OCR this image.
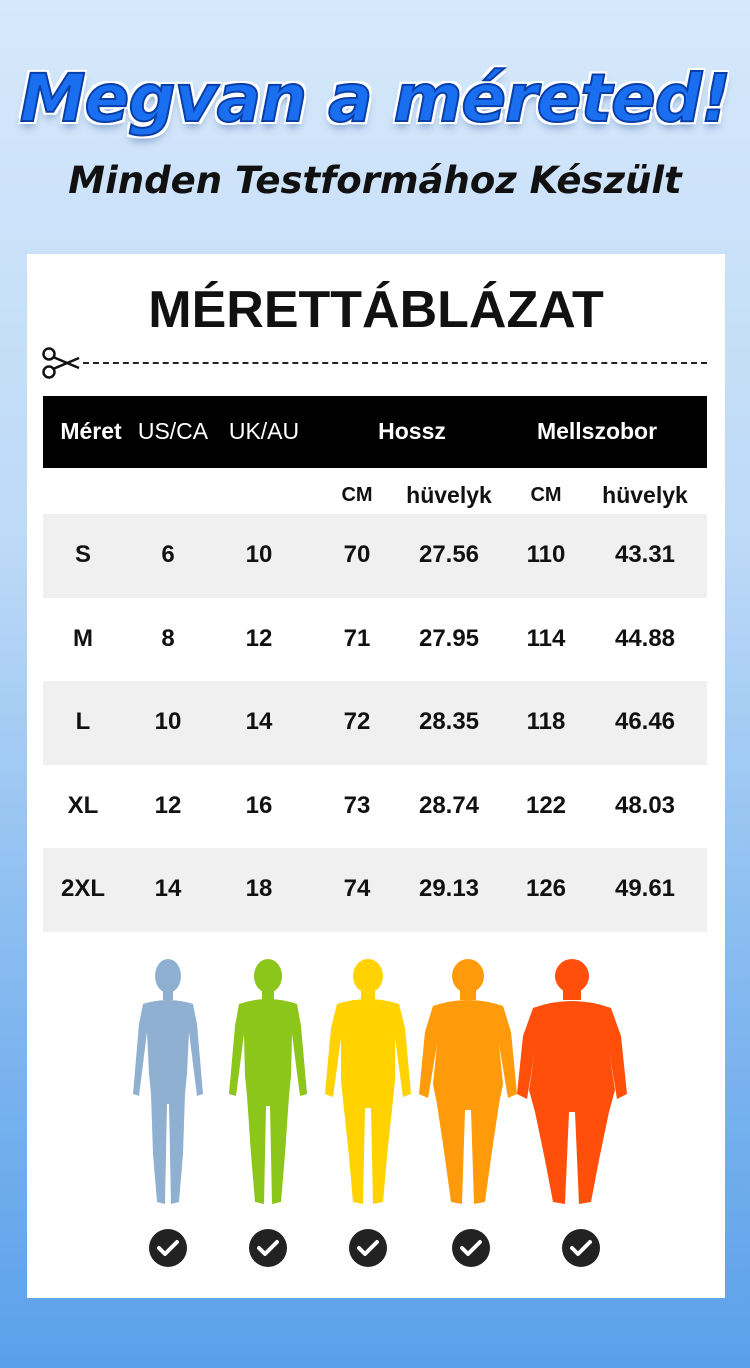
Megvan a méreted!
Minden Testformához Készült
MÉRETTÁBLÁZAT
Méret US/CA UK/AU	Hossz	Mellszobor
CM	hüvelyk	CM	hüvelyk
S	6	10	70	27.56	110	43.31
M	8	12	71	27.95	114	44.88
L	10	14	72	28.35	118	46.46
XL	12	16	73	28.74	122	48.03
2XL	14	18	74	29.13	126	49.61
